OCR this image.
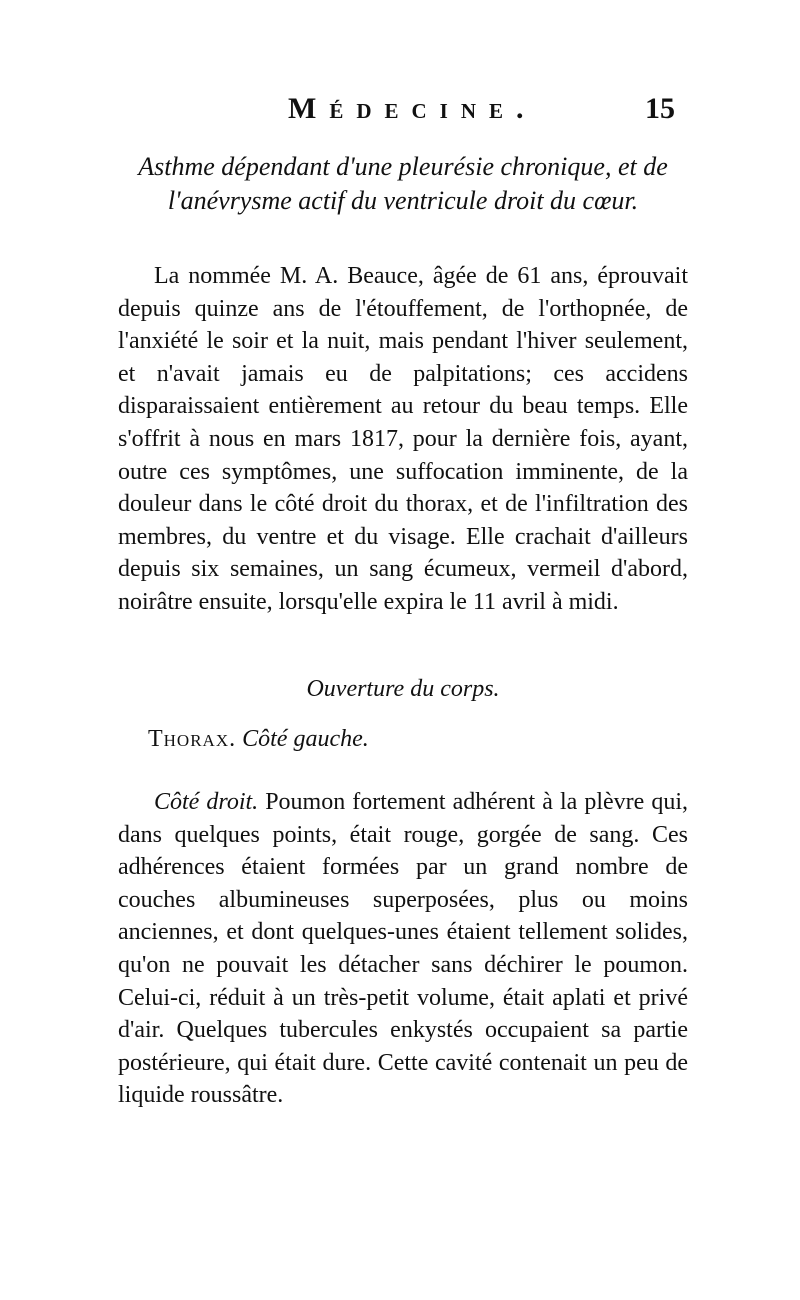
Médecine.	15
Asthme dépendant d'une pleurésie chronique, et de l'anévrysme actif du ventricule droit du cœur.

La nommée M. A. Beauce, âgée de 61 ans, éprouvait depuis quinze ans de l'étouffement, de l'orthopnée, de l'anxiété le soir et la nuit, mais pendant l'hiver seulement, et n'avait jamais eu de palpitations; ces accidens disparaissaient entièrement au retour du beau temps. Elle s'offrit à nous en mars 1817, pour la dernière fois, ayant, outre ces symptômes, une suffocation imminente, de la douleur dans le côté droit du thorax, et de l'infiltration des membres, du ventre et du visage. Elle crachait d'ailleurs depuis six semaines, un sang écumeux, vermeil d'abord, noirâtre ensuite, lorsqu'elle expira le 11 avril à midi.

Ouverture du corps.
Thorax. Côté gauche.

Côté droit. Poumon fortement adhérent à la plèvre qui, dans quelques points, était rouge, gorgée de sang. Ces adhérences étaient formées par un grand nombre de couches albumineuses superposées, plus ou moins anciennes, et dont quelques-unes étaient tellement solides, qu'on ne pouvait les détacher sans déchirer le poumon. Celui-ci, réduit à un très-petit volume, était aplati et privé d'air. Quelques tubercules enkystés occupaient sa partie postérieure, qui était dure. Cette cavité contenait un peu de liquide roussâtre.
